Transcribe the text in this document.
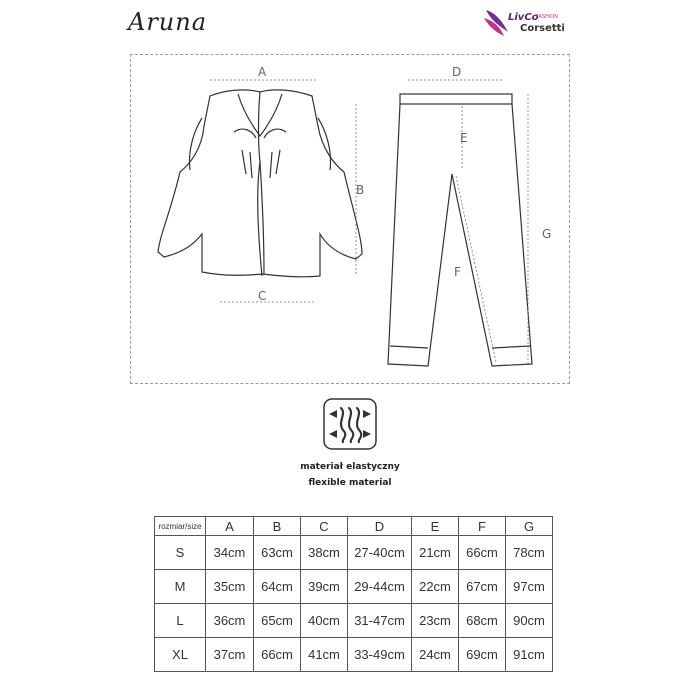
Aruna	LivCo
FASHION
Corsetti
A
B
C
D
E
F
G
materiał elastyczny
flexible material
rozmiar/size	A	B	C	D	E	F	G
S	34cm	63cm	38cm	27-40cm	21cm	66cm	78cm
M	35cm	64cm	39cm	29-44cm	22cm	67cm	97cm
L	36cm	65cm	40cm	31-47cm	23cm	68cm	90cm
XL	37cm	66cm	41cm	33-49cm	24cm	69cm	91cm
